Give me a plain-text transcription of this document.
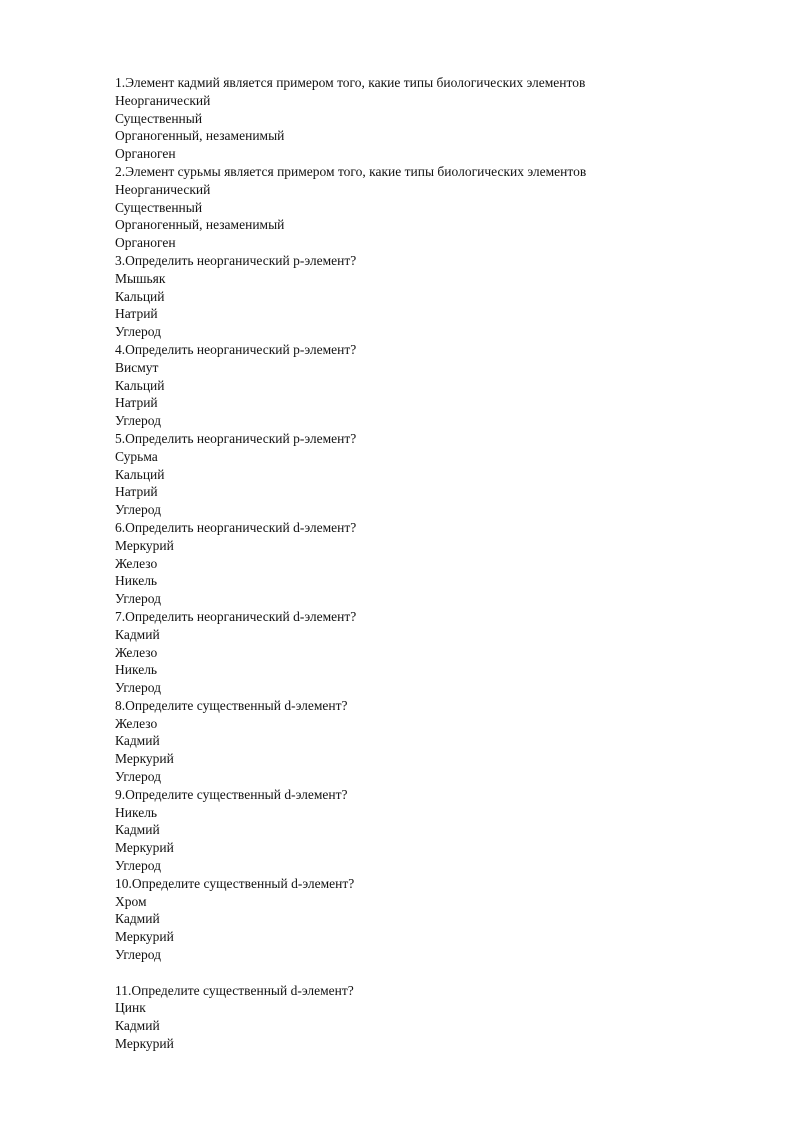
1.Элемент кадмий является примером того, какие типы биологических элементов
Неорганический
Существенный
Органогенный, незаменимый
Органоген
2.Элемент сурьмы является примером того, какие типы биологических элементов
Неорганический
Существенный
Органогенный, незаменимый
Органоген
3.Определить неорганический p-элемент?
Мышьяк
Кальций
Натрий
Углерод
4.Определить неорганический p-элемент?
Висмут
Кальций
Натрий
Углерод
5.Определить неорганический p-элемент?
Сурьма
Кальций
Натрий
Углерод
6.Определить неорганический d-элемент?
Меркурий
Железо
Никель
Углерод
7.Определить неорганический d-элемент?
Кадмий
Железо
Никель
Углерод
8.Определите существенный d-элемент?
Железо
Кадмий
Меркурий
Углерод
9.Определите существенный d-элемент?
Никель
Кадмий
Меркурий
Углерод
10.Определите существенный d-элемент?
Хром
Кадмий
Меркурий
Углерод
11.Определите существенный d-элемент?
Цинк
Кадмий
Меркурий
